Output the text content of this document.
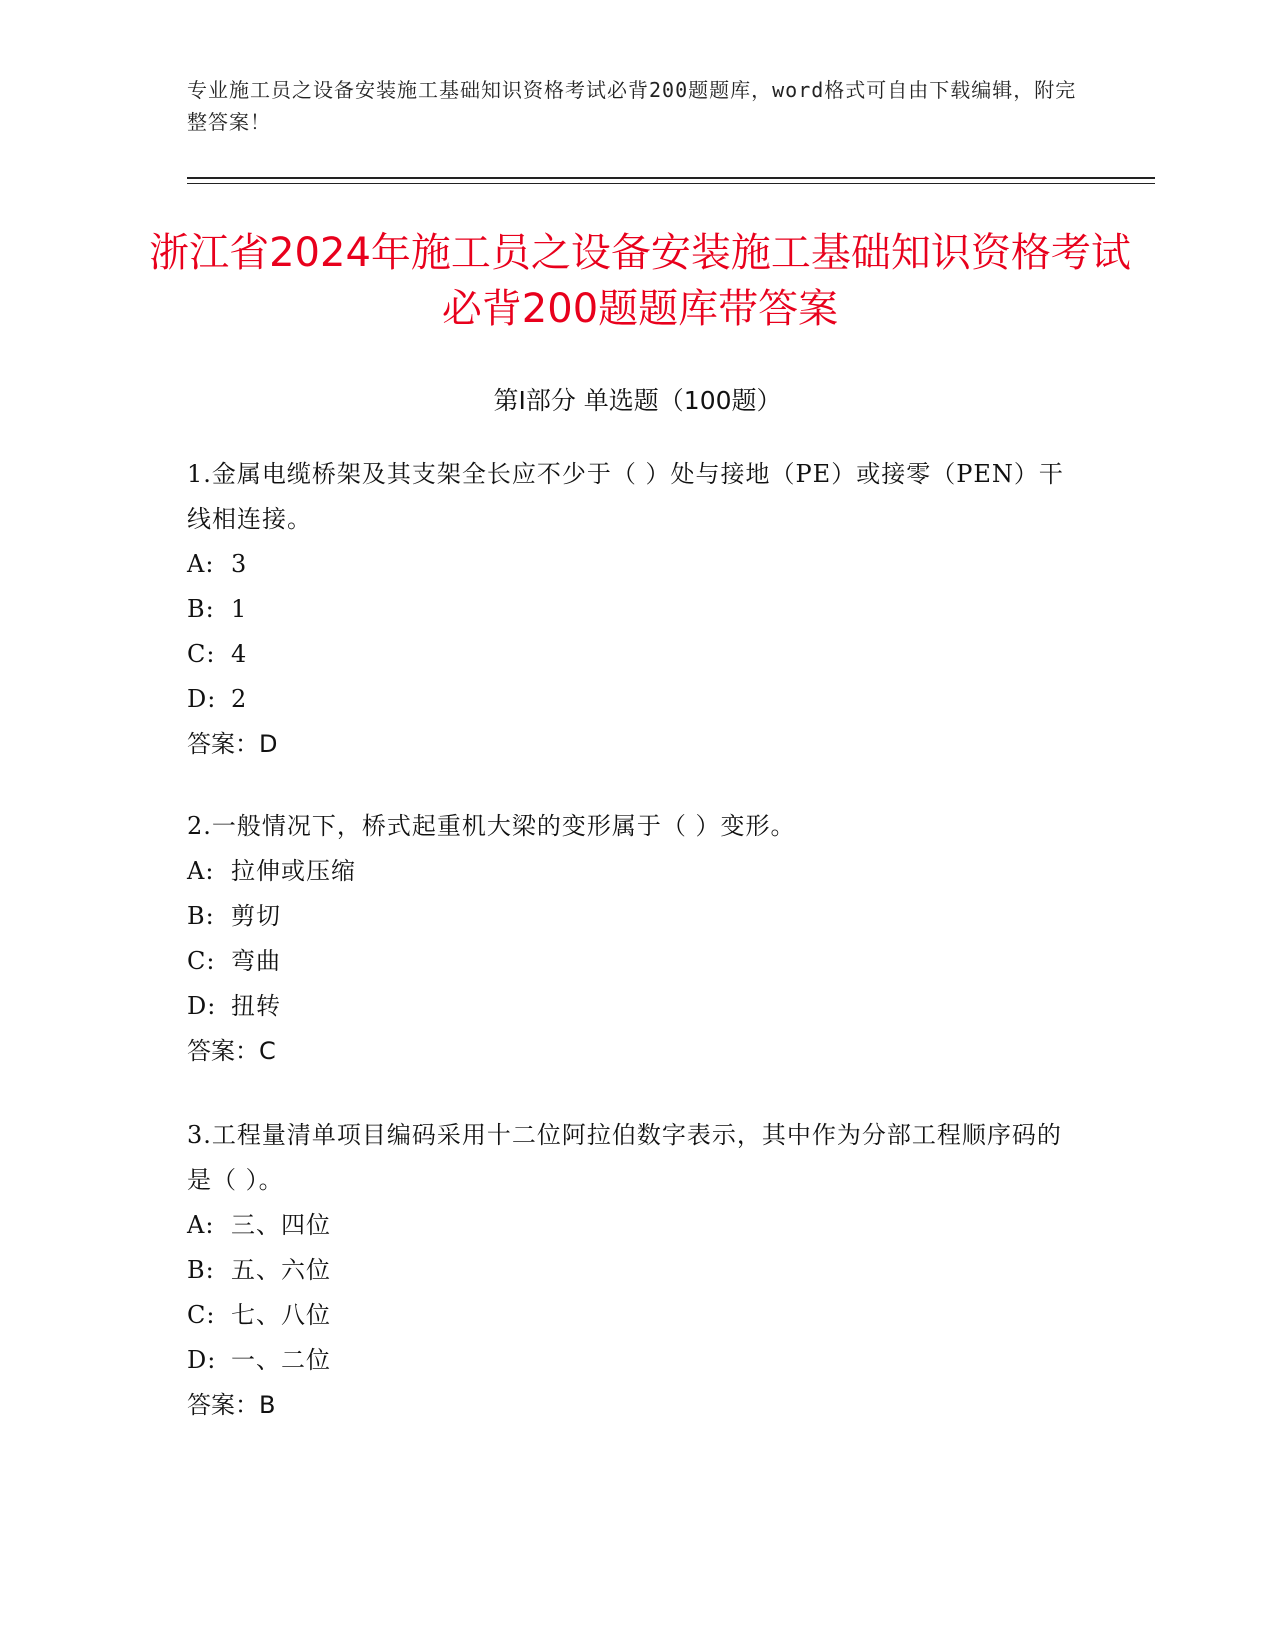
专业施工员之设备安装施工基础知识资格考试必背200题题库，word格式可自由下载编辑，附完整答案！
浙江省2024年施工员之设备安装施工基础知识资格考试必背200题题库带答案
第Ⅰ部分 单选题（100题）
1.金属电缆桥架及其支架全长应不少于（ ）处与接地（PE）或接零（PEN）干线相连接。
A: 3
B: 1
C: 4
D: 2
答案：D
2.一般情况下，桥式起重机大梁的变形属于（ ）变形。
A: 拉伸或压缩
B: 剪切
C: 弯曲
D: 扭转
答案：C
3.工程量清单项目编码采用十二位阿拉伯数字表示，其中作为分部工程顺序码的是（ ）。
A: 三、四位
B: 五、六位
C: 七、八位
D: 一、二位
答案：B
